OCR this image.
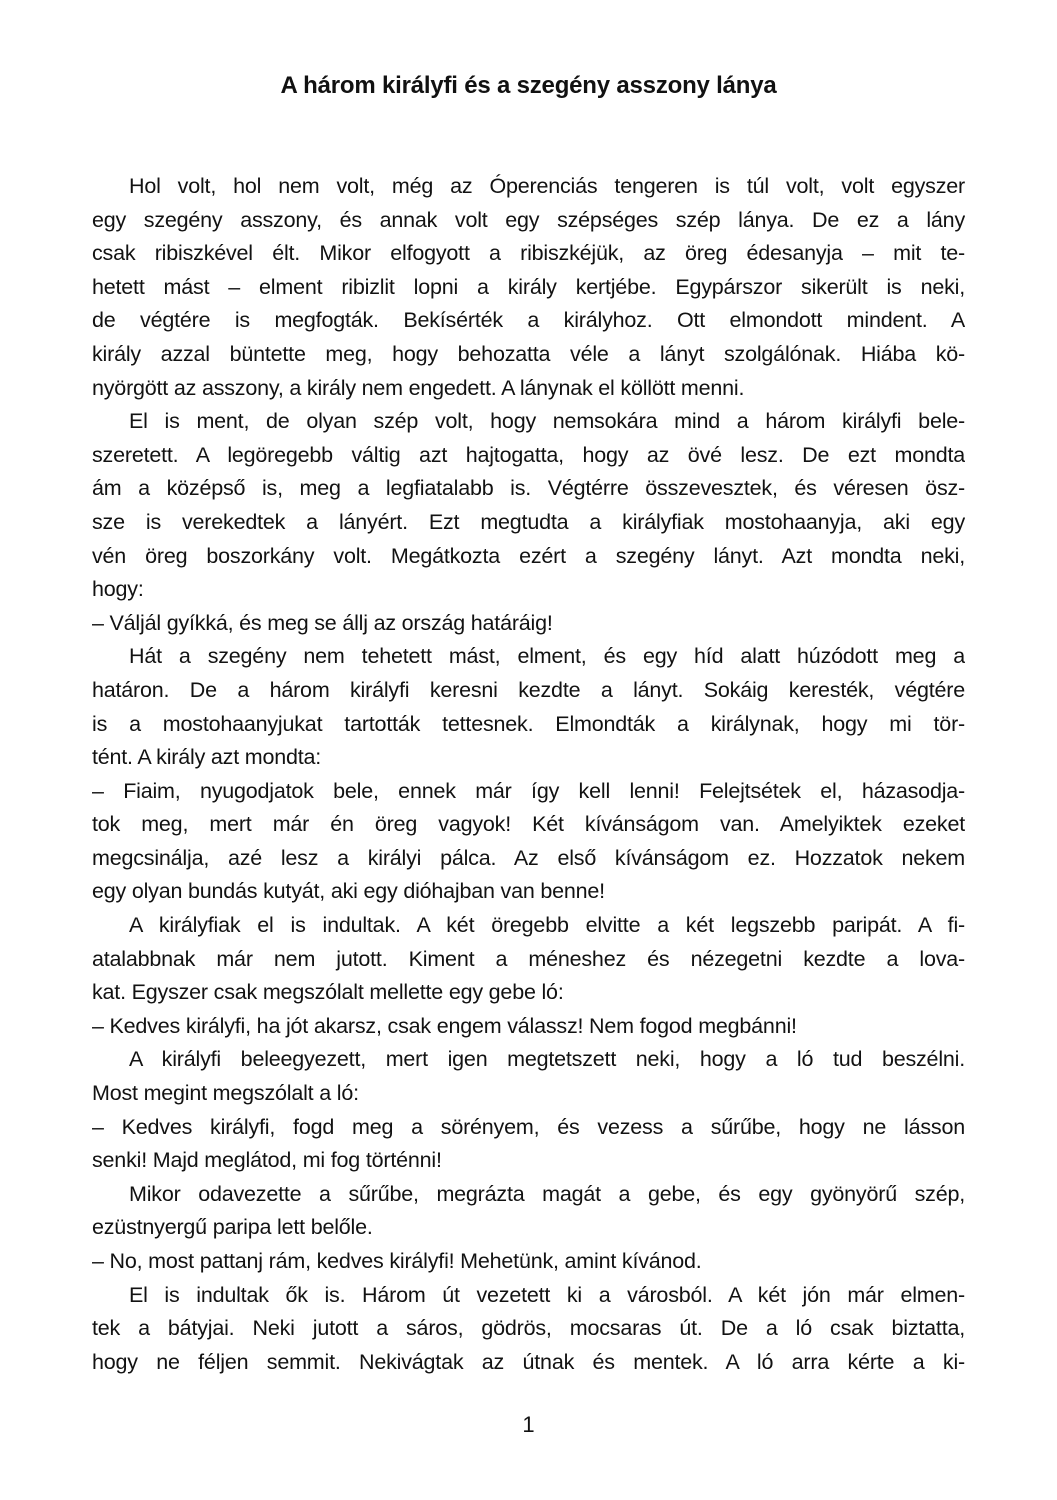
A három királyfi és a szegény asszony lánya
Hol volt, hol nem volt, még az Óperenciás tengeren is túl volt, volt egyszer
egy szegény asszony, és annak volt egy szépséges szép lánya. De ez a lány
csak ribiszkével élt. Mikor elfogyott a ribiszkéjük, az öreg édesanyja – mit te-
hetett mást – elment ribizlit lopni a király kertjébe. Egypárszor sikerült is neki,
de végtére is megfogták. Bekísérték a királyhoz. Ott elmondott mindent. A
király azzal büntette meg, hogy behozatta véle a lányt szolgálónak. Hiába kö-
nyörgött az asszony, a király nem engedett. A lánynak el köllött menni.
El is ment, de olyan szép volt, hogy nemsokára mind a három királyfi bele-
szeretett. A legöregebb váltig azt hajtogatta, hogy az övé lesz. De ezt mondta
ám a középső is, meg a legfiatalabb is. Végtérre összevesztek, és véresen ösz-
sze is verekedtek a lányért. Ezt megtudta a királyfiak mostohaanyja, aki egy
vén öreg boszorkány volt. Megátkozta ezért a szegény lányt. Azt mondta neki,
hogy:
– Váljál gyíkká, és meg se állj az ország határáig!
Hát a szegény nem tehetett mást, elment, és egy híd alatt húzódott meg a
határon. De a három királyfi keresni kezdte a lányt. Sokáig keresték, végtére
is a mostohaanyjukat tartották tettesnek. Elmondták a királynak, hogy mi tör-
tént. A király azt mondta:
– Fiaim, nyugodjatok bele, ennek már így kell lenni! Felejtsétek el, házasodja-
tok meg, mert már én öreg vagyok! Két kívánságom van. Amelyiktek ezeket
megcsinálja, azé lesz a királyi pálca. Az első kívánságom ez. Hozzatok nekem
egy olyan bundás kutyát, aki egy dióhajban van benne!
A királyfiak el is indultak. A két öregebb elvitte a két legszebb paripát. A fi-
atalabbnak már nem jutott. Kiment a méneshez és nézegetni kezdte a lova-
kat. Egyszer csak megszólalt mellette egy gebe ló:
– Kedves királyfi, ha jót akarsz, csak engem válassz! Nem fogod megbánni!
A királyfi beleegyezett, mert igen megtetszett neki, hogy a ló tud beszélni.
Most megint megszólalt a ló:
– Kedves királyfi, fogd meg a sörényem, és vezess a sűrűbe, hogy ne lásson
senki! Majd meglátod, mi fog történni!
Mikor odavezette a sűrűbe, megrázta magát a gebe, és egy gyönyörű szép,
ezüstnyergű paripa lett belőle.
– No, most pattanj rám, kedves királyfi! Mehetünk, amint kívánod.
El is indultak ők is. Három út vezetett ki a városból. A két jón már elmen-
tek a bátyjai. Neki jutott a sáros, gödrös, mocsaras út. De a ló csak biztatta,
hogy ne féljen semmit. Nekivágtak az útnak és mentek. A ló arra kérte a ki-
1
